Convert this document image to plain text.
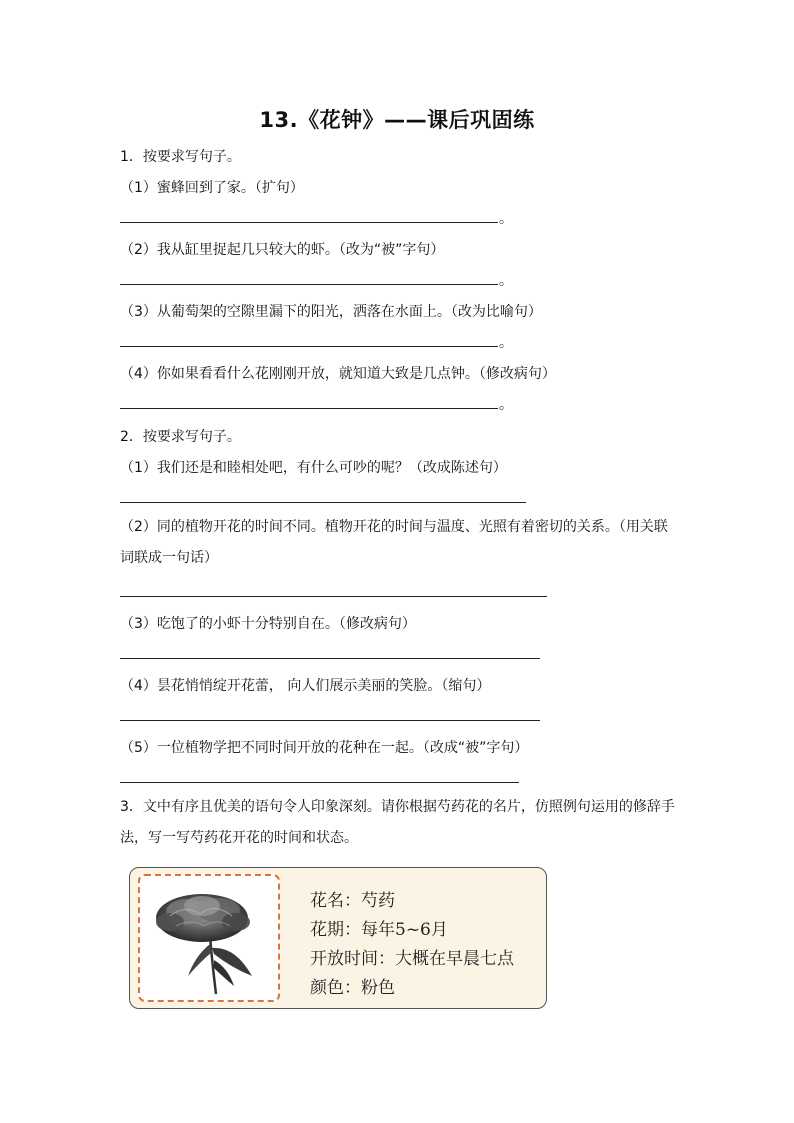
13.《花钟》——课后巩固练
1．按要求写句子。
（1）蜜蜂回到了家。（扩句）
。
（2）我从缸里捉起几只较大的虾。（改为“被”字句）
。
（3）从葡萄架的空隙里漏下的阳光，洒落在水面上。（改为比喻句）
。
（4）你如果看看什么花刚刚开放，就知道大致是几点钟。（修改病句）
。
2．按要求写句子。
（1）我们还是和睦相处吧，有什么可吵的呢？（改成陈述句）
（2）同的植物开花的时间不同。植物开花的时间与温度、光照有着密切的关系。（用关联词联成一句话）
（3）吃饱了的小虾十分特别自在。（修改病句）
（4）昙花悄悄绽开花蕾， 向人们展示美丽的笑脸。（缩句）
（5）一位植物学把不同时间开放的花种在一起。（改成“被”字句）
3．文中有序且优美的语句令人印象深刻。请你根据芍药花的名片，仿照例句运用的修辞手法，写一写芍药花开花的时间和状态。
花名：芍药
花期：每年5~6月
开放时间：大概在早晨七点
颜色：粉色
